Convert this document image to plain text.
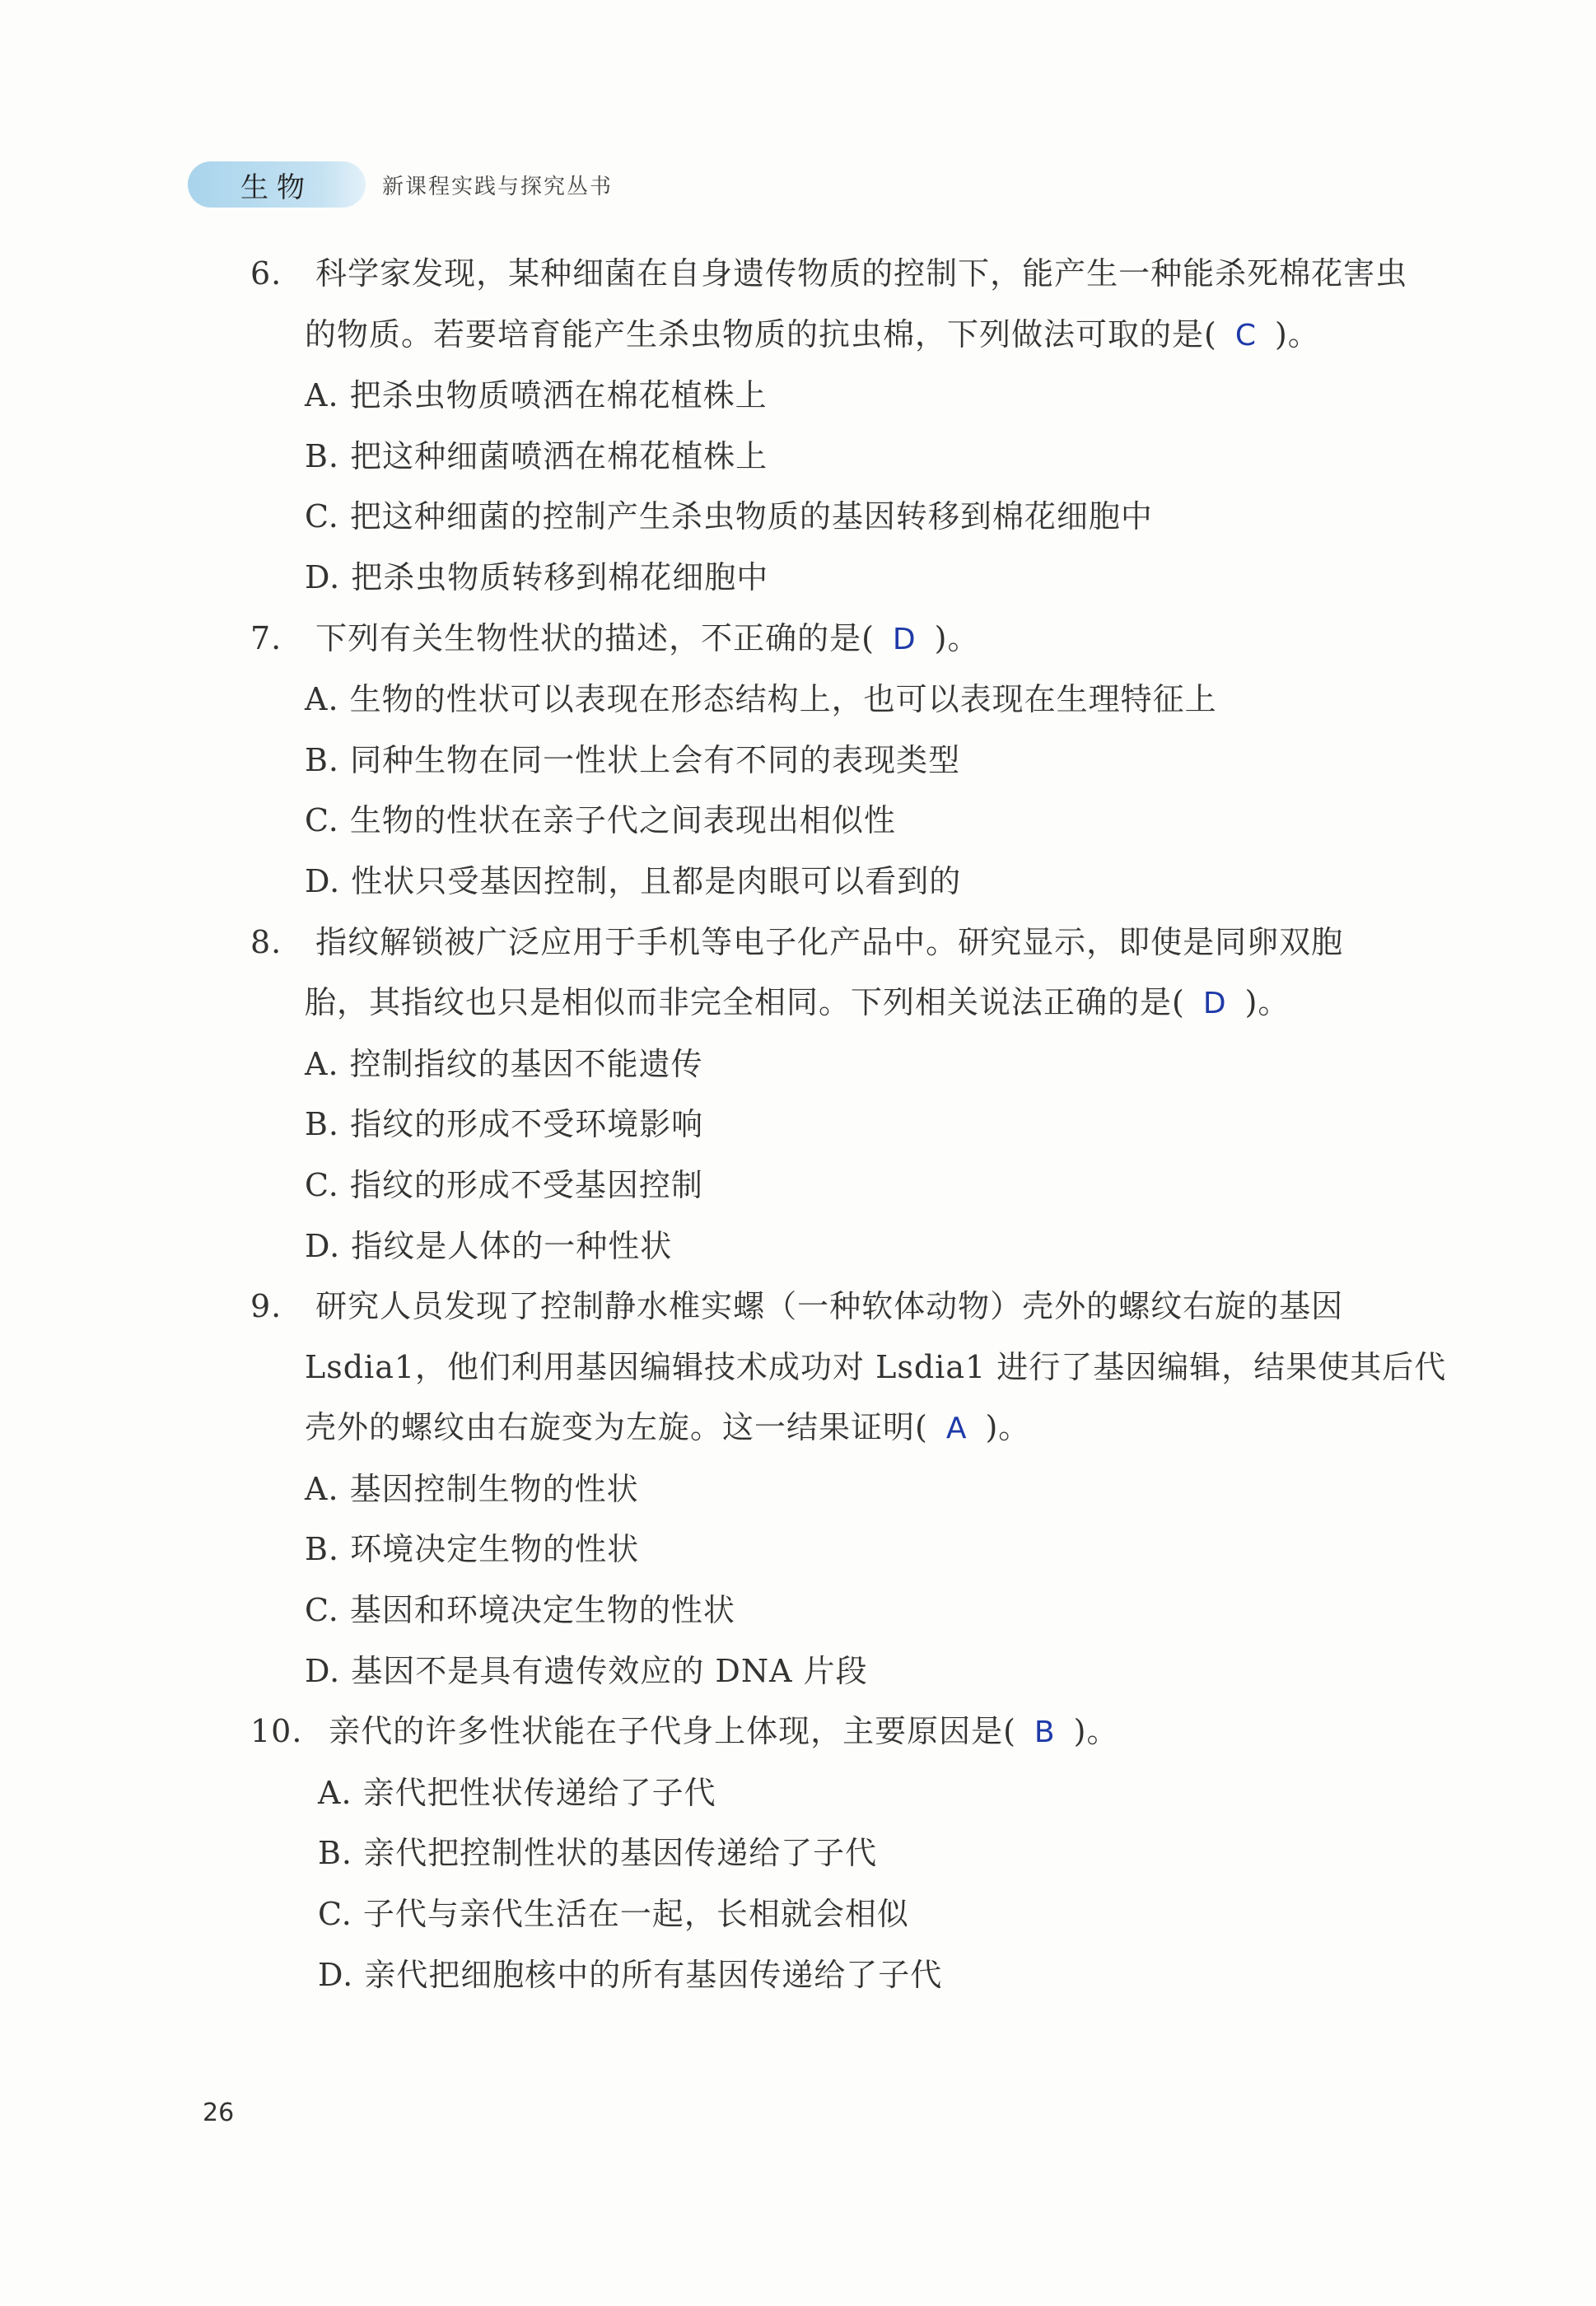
生物	新课程实践与探究丛书
6. 科学家发现，某种细菌在自身遗传物质的控制下，能产生一种能杀死棉花害虫
的物质。若要培育能产生杀虫物质的抗虫棉，下列做法可取的是( C )。
A. 把杀虫物质喷洒在棉花植株上
B. 把这种细菌喷洒在棉花植株上
C. 把这种细菌的控制产生杀虫物质的基因转移到棉花细胞中
D. 把杀虫物质转移到棉花细胞中
7. 下列有关生物性状的描述，不正确的是( D )。
A. 生物的性状可以表现在形态结构上，也可以表现在生理特征上
B. 同种生物在同一性状上会有不同的表现类型
C. 生物的性状在亲子代之间表现出相似性
D. 性状只受基因控制，且都是肉眼可以看到的
8. 指纹解锁被广泛应用于手机等电子化产品中。研究显示，即使是同卵双胞
胎，其指纹也只是相似而非完全相同。下列相关说法正确的是( D )。
A. 控制指纹的基因不能遗传
B. 指纹的形成不受环境影响
C. 指纹的形成不受基因控制
D. 指纹是人体的一种性状
9. 研究人员发现了控制静水椎实螺（一种软体动物）壳外的螺纹右旋的基因
Lsdia1，他们利用基因编辑技术成功对 Lsdia1 进行了基因编辑，结果使其后代
壳外的螺纹由右旋变为左旋。这一结果证明( A )。
A. 基因控制生物的性状
B. 环境决定生物的性状
C. 基因和环境决定生物的性状
D. 基因不是具有遗传效应的 DNA 片段
10. 亲代的许多性状能在子代身上体现，主要原因是( B )。
A. 亲代把性状传递给了子代
B. 亲代把控制性状的基因传递给了子代
C. 子代与亲代生活在一起，长相就会相似
D. 亲代把细胞核中的所有基因传递给了子代
26
